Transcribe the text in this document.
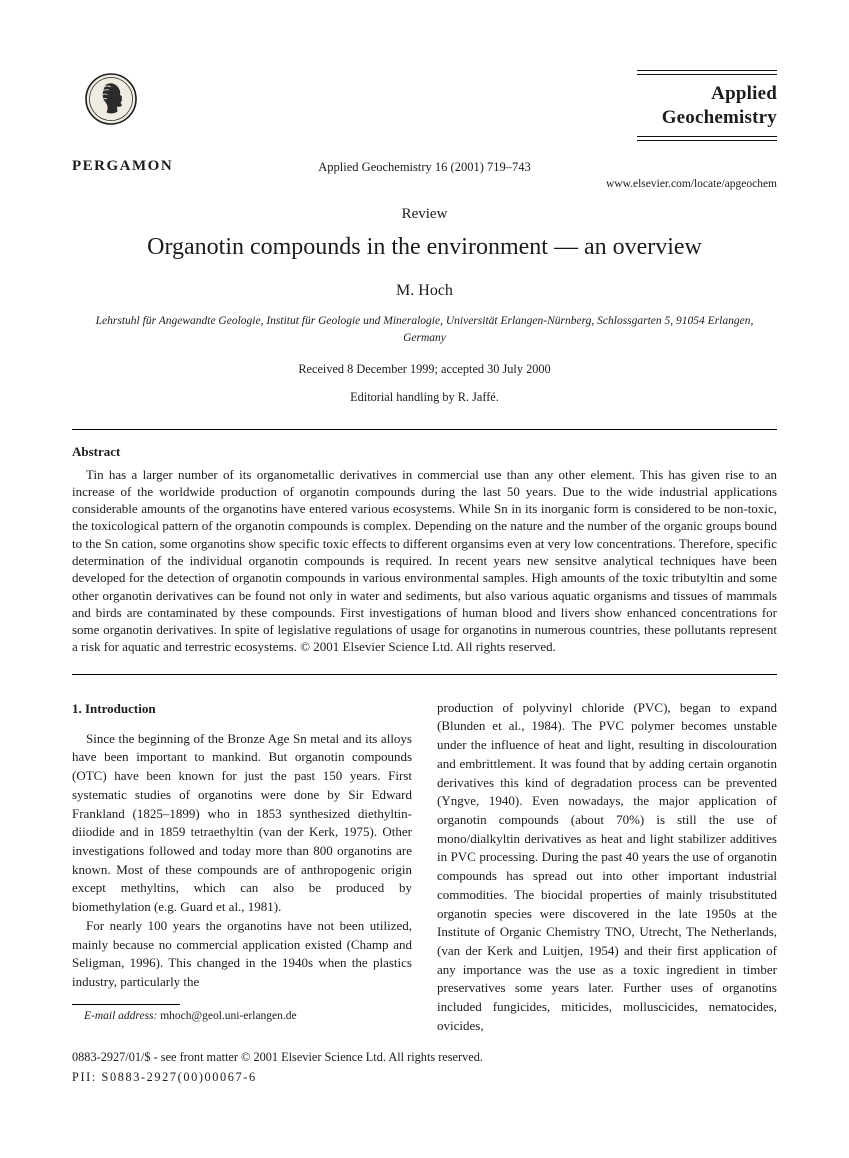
Applied
Geochemistry
PERGAMON	Applied Geochemistry 16 (2001) 719–743
www.elsevier.com/locate/apgeochem
Review
Organotin compounds in the environment — an overview
M. Hoch
Lehrstuhl für Angewandte Geologie, Institut für Geologie und Mineralogie, Universität Erlangen-Nürnberg, Schlossgarten 5, 91054 Erlangen, Germany
Received 8 December 1999; accepted 30 July 2000
Editorial handling by R. Jaffé.
Abstract

Tin has a larger number of its organometallic derivatives in commercial use than any other element. This has given rise to an increase of the worldwide production of organotin compounds during the last 50 years. Due to the wide industrial applications considerable amounts of the organotins have entered various ecosystems. While Sn in its inorganic form is considered to be non-toxic, the toxicological pattern of the organotin compounds is complex. Depending on the nature and the number of the organic groups bound to the Sn cation, some organotins show specific toxic effects to different organsims even at very low concentrations. Therefore, specific determination of the individual organotin compounds is required. In recent years new sensitve analytical techniques have been developed for the detection of organotin compounds in various environmental samples. High amounts of the toxic tributyltin and some other organotin derivatives can be found not only in water and sediments, but also various aquatic organisms and tissues of mammals and birds are contaminated by these compounds. First investigations of human blood and livers show enhanced concentrations for some organotin derivatives. In spite of legislative regulations of usage for organotins in numerous countries, these pollutants represent a risk for aquatic and terrestric ecosystems. © 2001 Elsevier Science Ltd. All rights reserved.

1. Introduction

Since the beginning of the Bronze Age Sn metal and its alloys have been important to mankind. But organotin compounds (OTC) have been known for just the past 150 years. First systematic studies of organotins were done by Sir Edward Frankland (1825–1899) who in 1853 synthesized diethyltin-diiodide and in 1859 tetraethyltin (van der Kerk, 1975). Other investigations followed and today more than 800 organotins are known. Most of these compounds are of anthropogenic origin except methyltins, which can also be produced by biomethylation (e.g. Guard et al., 1981).

For nearly 100 years the organotins have not been utilized, mainly because no commercial application existed (Champ and Seligman, 1996). This changed in the 1940s when the plastics industry, particularly the

E-mail address: mhoch@geol.uni-erlangen.de

production of polyvinyl chloride (PVC), began to expand (Blunden et al., 1984). The PVC polymer becomes unstable under the influence of heat and light, resulting in discolouration and embrittlement. It was found that by adding certain organotin derivatives this kind of degradation process can be prevented (Yngve, 1940). Even nowadays, the major application of organotin compounds (about 70%) is still the use of mono/dialkyltin derivatives as heat and light stabilizer additives in PVC processing. During the past 40 years the use of organotin compounds has spread out into other important industrial commodities. The biocidal properties of mainly trisubstituted organotin species were discovered in the late 1950s at the Institute of Organic Chemistry TNO, Utrecht, The Netherlands, (van der Kerk and Luitjen, 1954) and their first application of any importance was the use as a toxic ingredient in timber preservatives some years later. Further uses of organotins included fungicides, miticides, molluscicides, nematocides, ovicides,

0883-2927/01/$ - see front matter © 2001 Elsevier Science Ltd. All rights reserved.
PII: S0883-2927(00)00067-6
